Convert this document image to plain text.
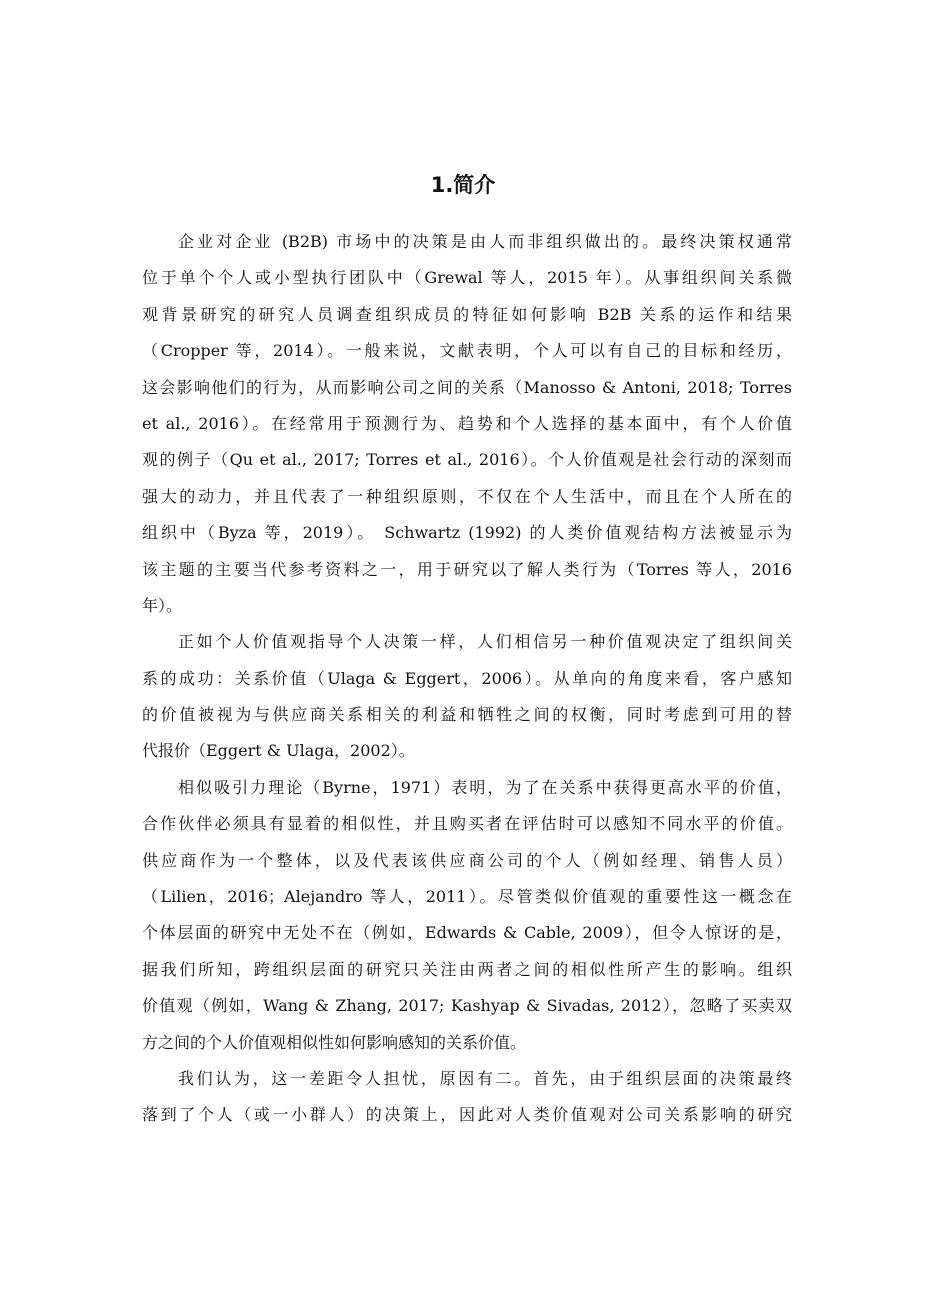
1.简介
企业对企业 (B2B) 市场中的决策是由人而非组织做出的。最终决策权通常
位于单个个人或小型执行团队中（Grewal 等人，2015 年）。从事组织间关系微
观背景研究的研究人员调查组织成员的特征如何影响 B2B 关系的运作和结果
（Cropper 等，2014）。一般来说，文献表明，个人可以有自己的目标和经历，
这会影响他们的行为，从而影响公司之间的关系（Manosso & Antoni, 2018; Torres
et al., 2016）。在经常用于预测行为、趋势和个人选择的基本面中，有个人价值
观的例子（Qu et al., 2017; Torres et al., 2016）。个人价值观是社会行动的深刻而
强大的动力，并且代表了一种组织原则，不仅在个人生活中，而且在个人所在的
组织中（Byza 等，2019）。 Schwartz (1992) 的人类价值观结构方法被显示为
该主题的主要当代参考资料之一，用于研究以了解人类行为（Torres 等人，2016
年）。
正如个人价值观指导个人决策一样，人们相信另一种价值观决定了组织间关
系的成功：关系价值（Ulaga & Eggert，2006）。从单向的角度来看，客户感知
的价值被视为与供应商关系相关的利益和牺牲之间的权衡，同时考虑到可用的替
代报价（Eggert & Ulaga，2002）。
相似吸引力理论（Byrne，1971）表明，为了在关系中获得更高水平的价值，
合作伙伴必须具有显着的相似性，并且购买者在评估时可以感知不同水平的价值。
供应商作为一个整体，以及代表该供应商公司的个人（例如经理、销售人员）
（Lilien，2016；Alejandro 等人，2011）。尽管类似价值观的重要性这一概念在
个体层面的研究中无处不在（例如，Edwards & Cable, 2009），但令人惊讶的是，
据我们所知，跨组织层面的研究只关注由两者之间的相似性所产生的影响。组织
价值观（例如，Wang & Zhang, 2017; Kashyap & Sivadas, 2012），忽略了买卖双
方之间的个人价值观相似性如何影响感知的关系价值。
我们认为，这一差距令人担忧，原因有二。首先，由于组织层面的决策最终
落到了个人（或一小群人）的决策上，因此对人类价值观对公司关系影响的研究
